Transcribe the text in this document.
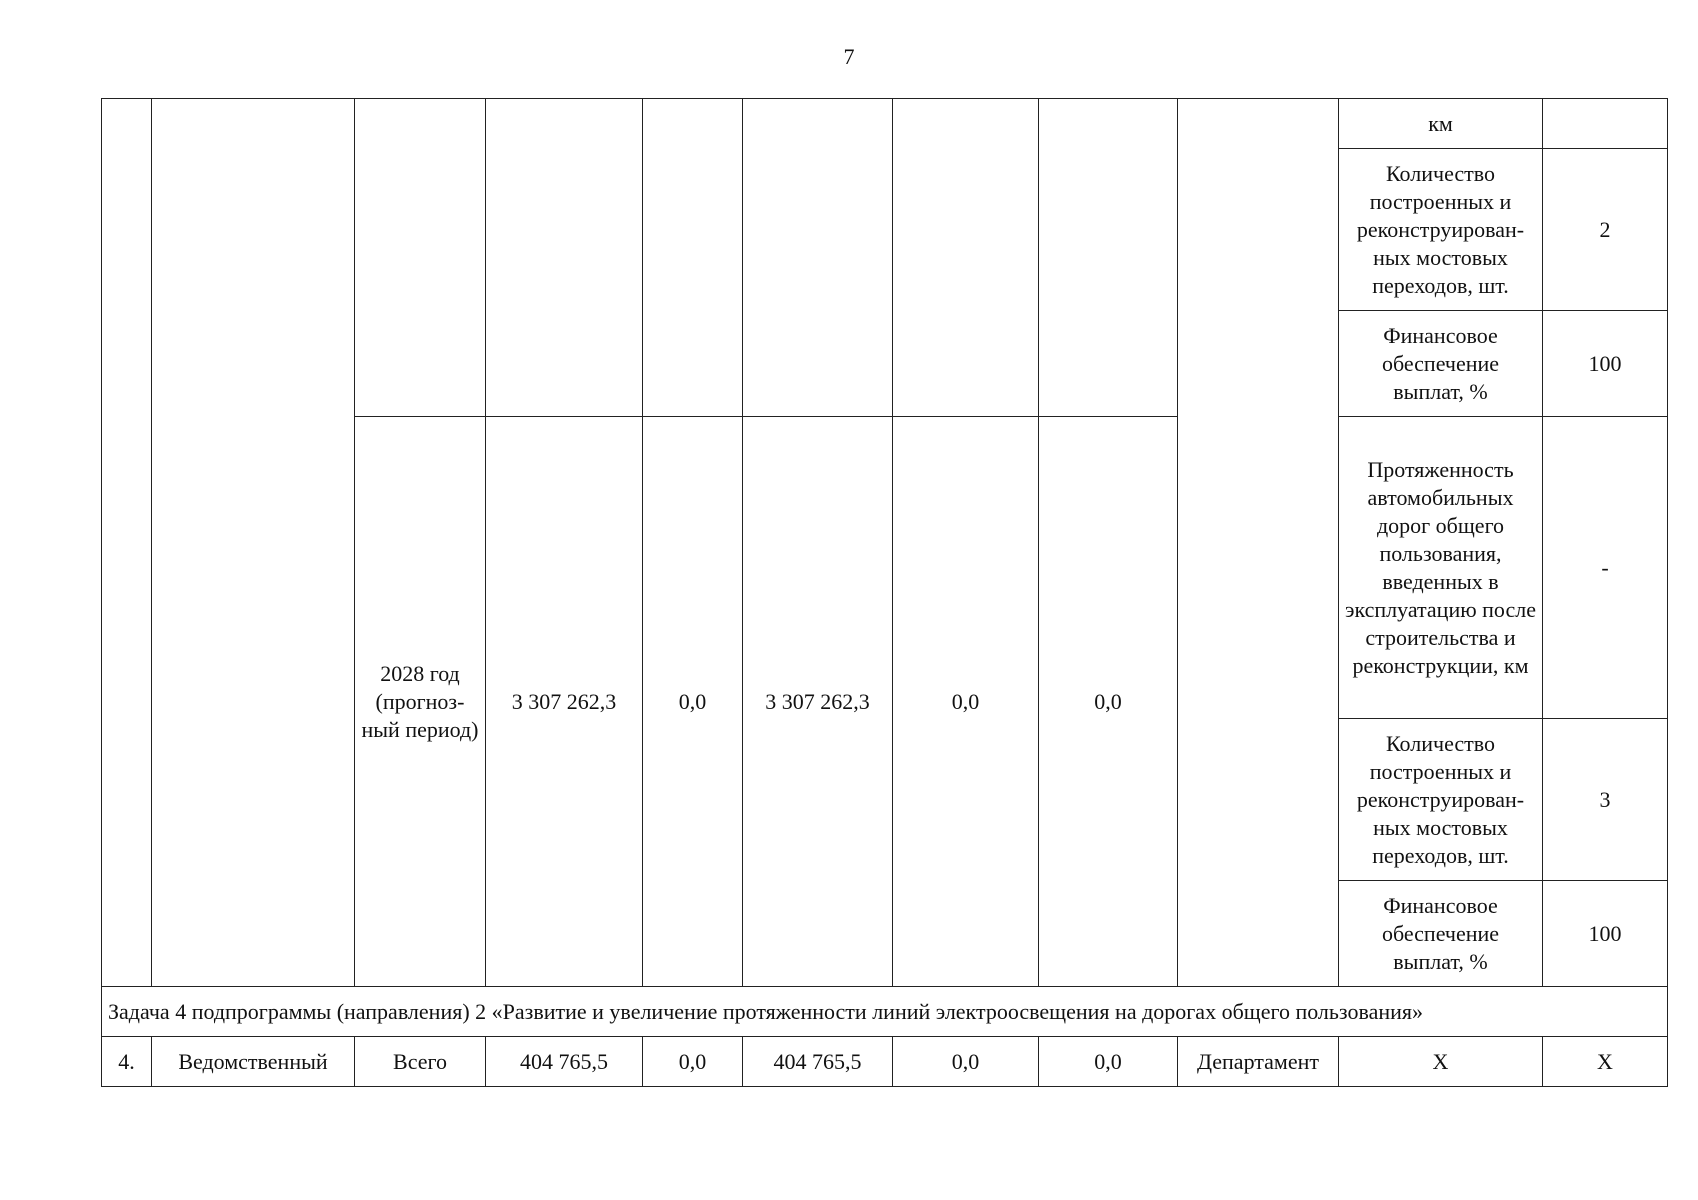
7
									км	
									Количество построенных и реконструирован-ных мостовых переходов, шт.	2
									Финансовое обеспечение выплат, %	100
		2028 год (прогноз-ный период)	3 307 262,3	0,0	3 307 262,3	0,0	0,0		Протяженность автомобильных дорог общего пользования, введенных в эксплуатацию после строительства и реконструкции, км	-
									Количество построенных и реконструирован-ных мостовых переходов, шт.	3
									Финансовое обеспечение выплат, %	100
Задача 4 подпрограммы (направления) 2 «Развитие и увеличение протяженности линий электроосвещения на дорогах общего пользования»										
4.	Ведомственный	Всего	404 765,5	0,0	404 765,5	0,0	0,0	Департамент	Х	Х
